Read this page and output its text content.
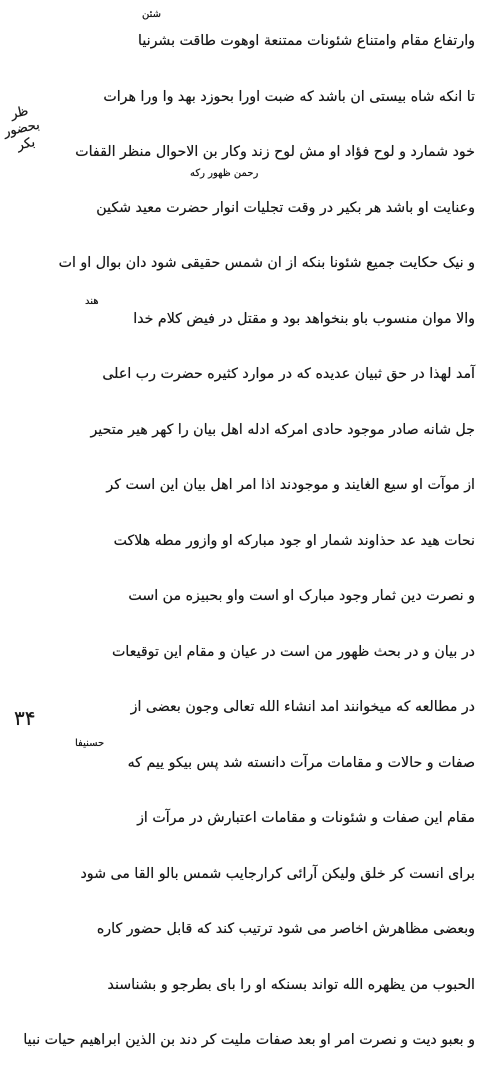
ظر
بحضور بکر
شئن
رحمن ظهور رکه
هند
حسنیفا
وارتفاع مقام وامتناع شئونات ممتنعة اوهوت طاقت بشرنيا
تا انکه شاه بیستی ان باشد که ضبت اورا بحوزد بهد وا ورا هرات
خود شمارد و لوح فؤاد او مش لوح زند وکار بن الاحوال منظر القفات
وعنایت او باشد هر بکیر در وقت تجلیات انوار حضرت معید شکین
و نیک حکایت جمیع شئونا بنکه از ان شمس حقیقی شود دان بوال او ات
والا موان منسوب باو بنخواهد بود و مقتل در فیض کلام خدا
آمد لهذا در حق ثبیان عدیده که در موارد کثیره حضرت رب اعلی
جل شانه صادر موجود حادی امرکه ادله اهل بیان را کهر هیر متحیر
از موآت او سیع الغایند و موجودند اذا امر اهل بیان این است کر
نحات هید عد حذاوند شمار او جود مبارکه او وازور مطه هلاکت
و نصرت دین ثمار وجود مبارک او است واو بحبیزه من است
در بیان و در بحث ظهور من است در عیان و مقام این توقیعات
در مطالعه که میخوانند امد انشاء الله تعالی وجون بعضی از
صفات و حالات و مقامات مرآت دانسته شد پس بیکو ییم که
مقام این صفات و شئونات و مقامات اعتبارش در مرآت از
برای انست کر خلق ولیکن آرائی کرارجایب شمس بالو القا می شود
وبعضی مظاهرش اخاصر می شود ترتیب کند که قابل حضور کاره
الحبوب من یظهره الله تواند بسنکه او را بای بطرجو و بشناسند
و بعبو دیت و نصرت امر او بعد صفات ملیت کر دند بن الذین ابراهیم حیات نبیا
۳۴
